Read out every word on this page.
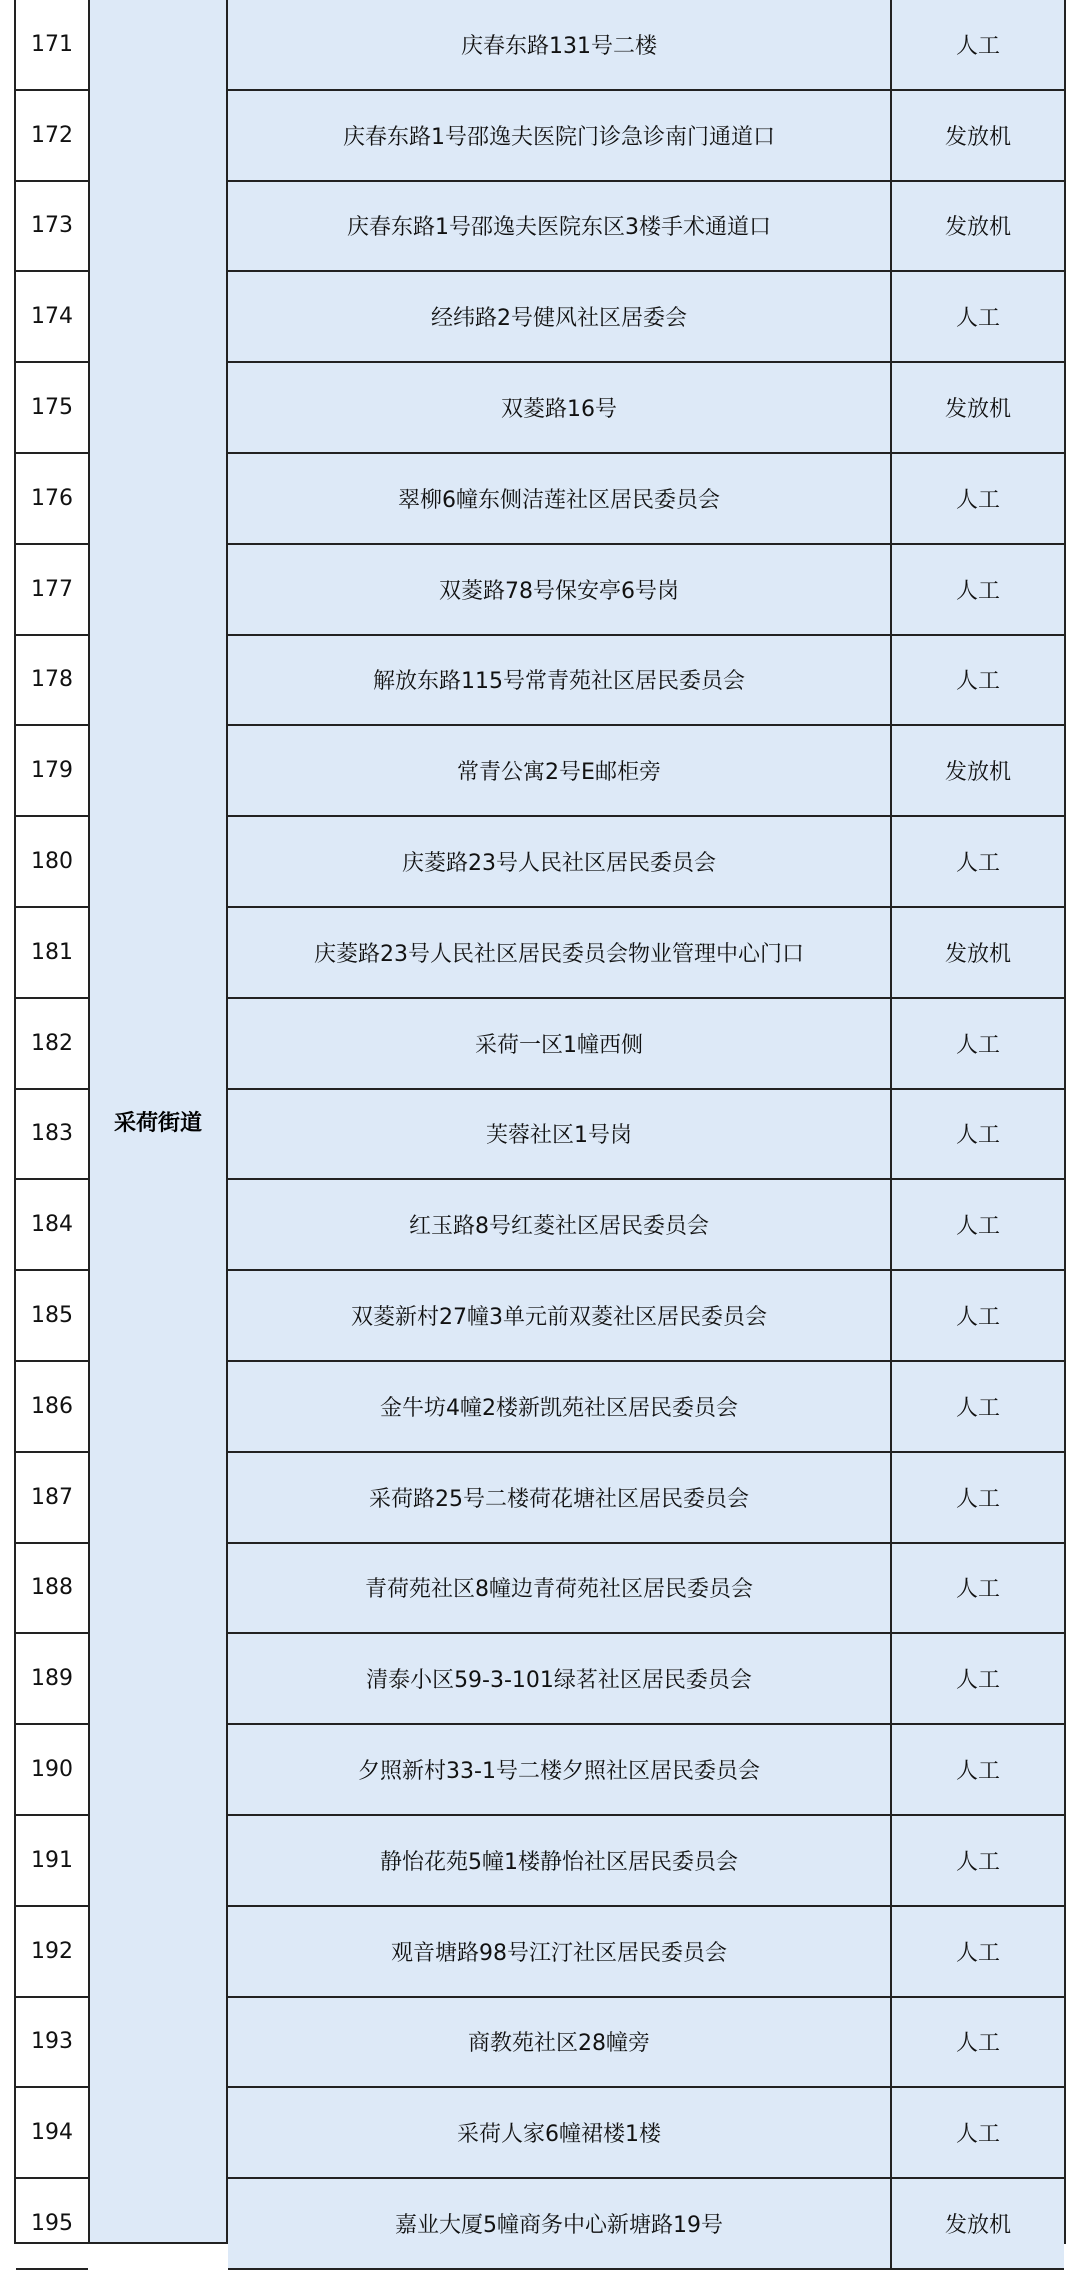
采荷街道
171	庆春东路131号二楼	人工
172	庆春东路1号邵逸夫医院门诊急诊南门通道口	发放机
173	庆春东路1号邵逸夫医院东区3楼手术通道口	发放机
174	经纬路2号健风社区居委会	人工
175	双菱路16号	发放机
176	翠柳6幢东侧洁莲社区居民委员会	人工
177	双菱路78号保安亭6号岗	人工
178	解放东路115号常青苑社区居民委员会	人工
179	常青公寓2号E邮柜旁	发放机
180	庆菱路23号人民社区居民委员会	人工
181	庆菱路23号人民社区居民委员会物业管理中心门口	发放机
182	采荷一区1幢西侧	人工
183	芙蓉社区1号岗	人工
184	红玉路8号红菱社区居民委员会	人工
185	双菱新村27幢3单元前双菱社区居民委员会	人工
186	金牛坊4幢2楼新凯苑社区居民委员会	人工
187	采荷路25号二楼荷花塘社区居民委员会	人工
188	青荷苑社区8幢边青荷苑社区居民委员会	人工
189	清泰小区59-3-101绿茗社区居民委员会	人工
190	夕照新村33-1号二楼夕照社区居民委员会	人工
191	静怡花苑5幢1楼静怡社区居民委员会	人工
192	观音塘路98号江汀社区居民委员会	人工
193	商教苑社区28幢旁	人工
194	采荷人家6幢裙楼1楼	人工
195	嘉业大厦5幢商务中心新塘路19号	发放机
